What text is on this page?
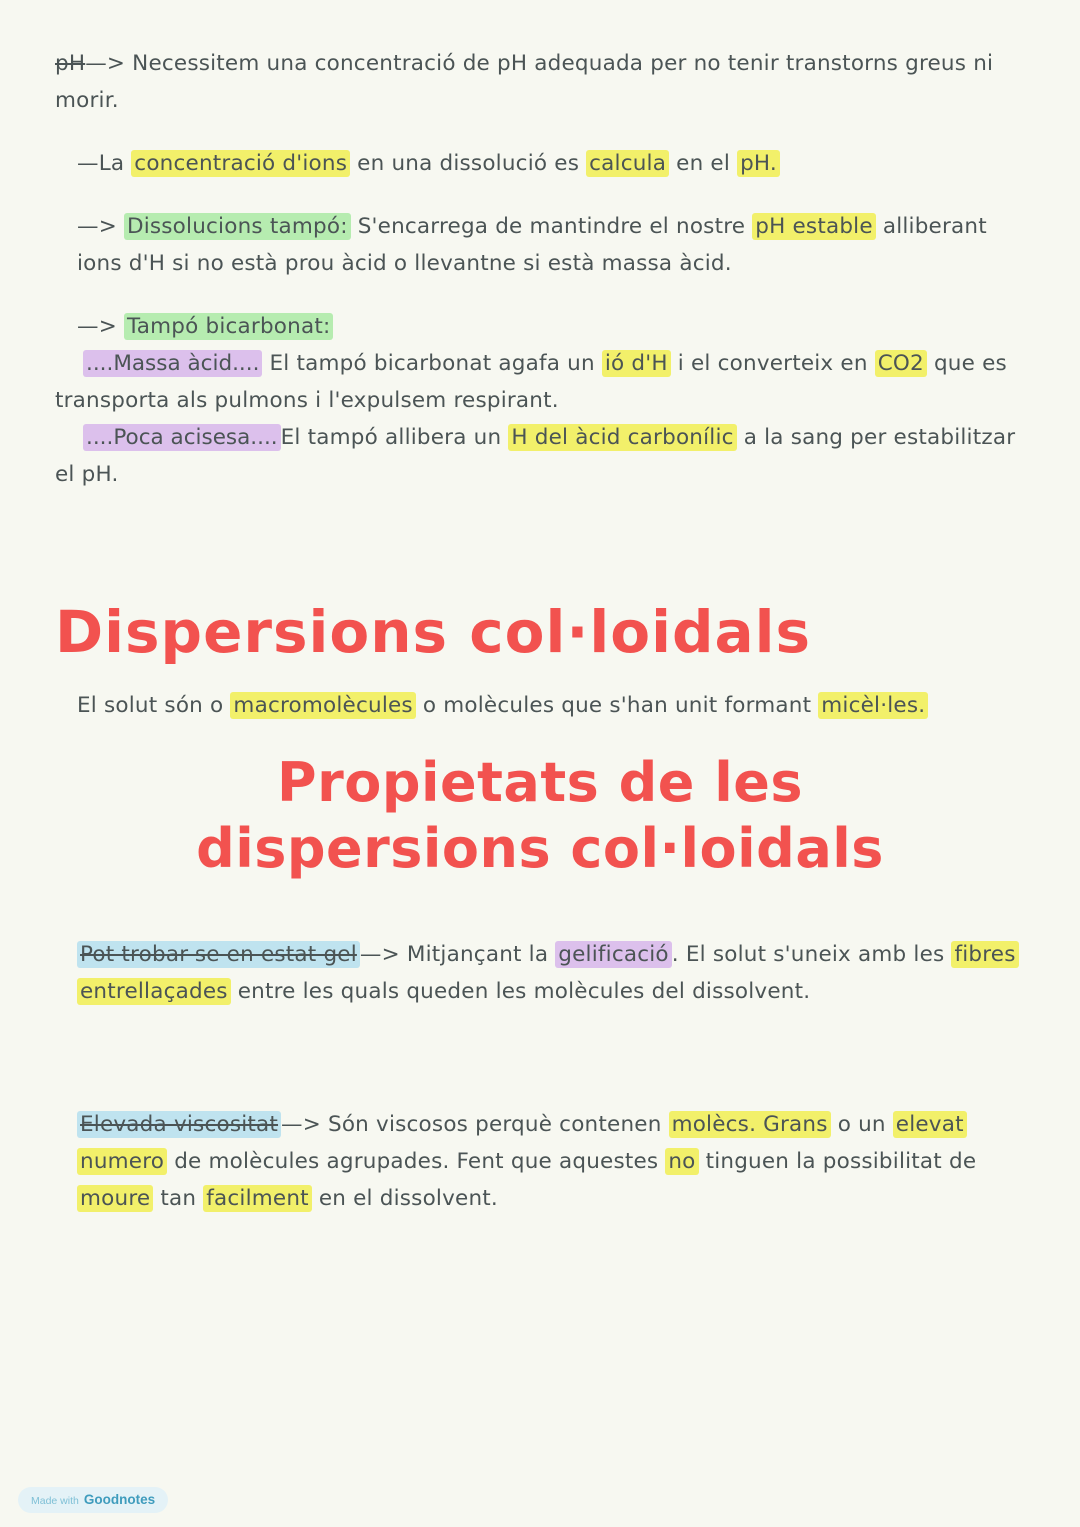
pH—> Necessitem una concentració de pH adequada per no tenir transtorns greus ni morir.
—La concentració d'ions en una dissolució es calcula en el pH.
—> Dissolucions tampó: S'encarrega de mantindre el nostre pH estable alliberant ions d'H si no està prou àcid o llevantne si està massa àcid.
—> Tampó bicarbonat:
....Massa àcid.... El tampó bicarbonat agafa un ió d'H i el converteix en CO2 que es transporta als pulmons i l'expulsem respirant.
....Poca acisesa.... El tampó allibera un H del àcid carbonílic a la sang per estabilitzar el pH.
Dispersions col·loidals
El solut són o macromolècules o molècules que s'han unit formant micèl·les.
Propietats de les
dispersions col·loidals
Pot trobar-se en estat gel —> Mitjançant la gelificació . El solut s'uneix amb les fibres entrellaçades entre les quals queden les molècules del dissolvent.
Elevada viscositat —> Són viscosos perquè contenen molècs. Grans o un elevat numero de molècules agrupades. Fent que aquestes no tinguen la possibilitat de moure tan facilment en el dissolvent.
Made with Goodnotes
